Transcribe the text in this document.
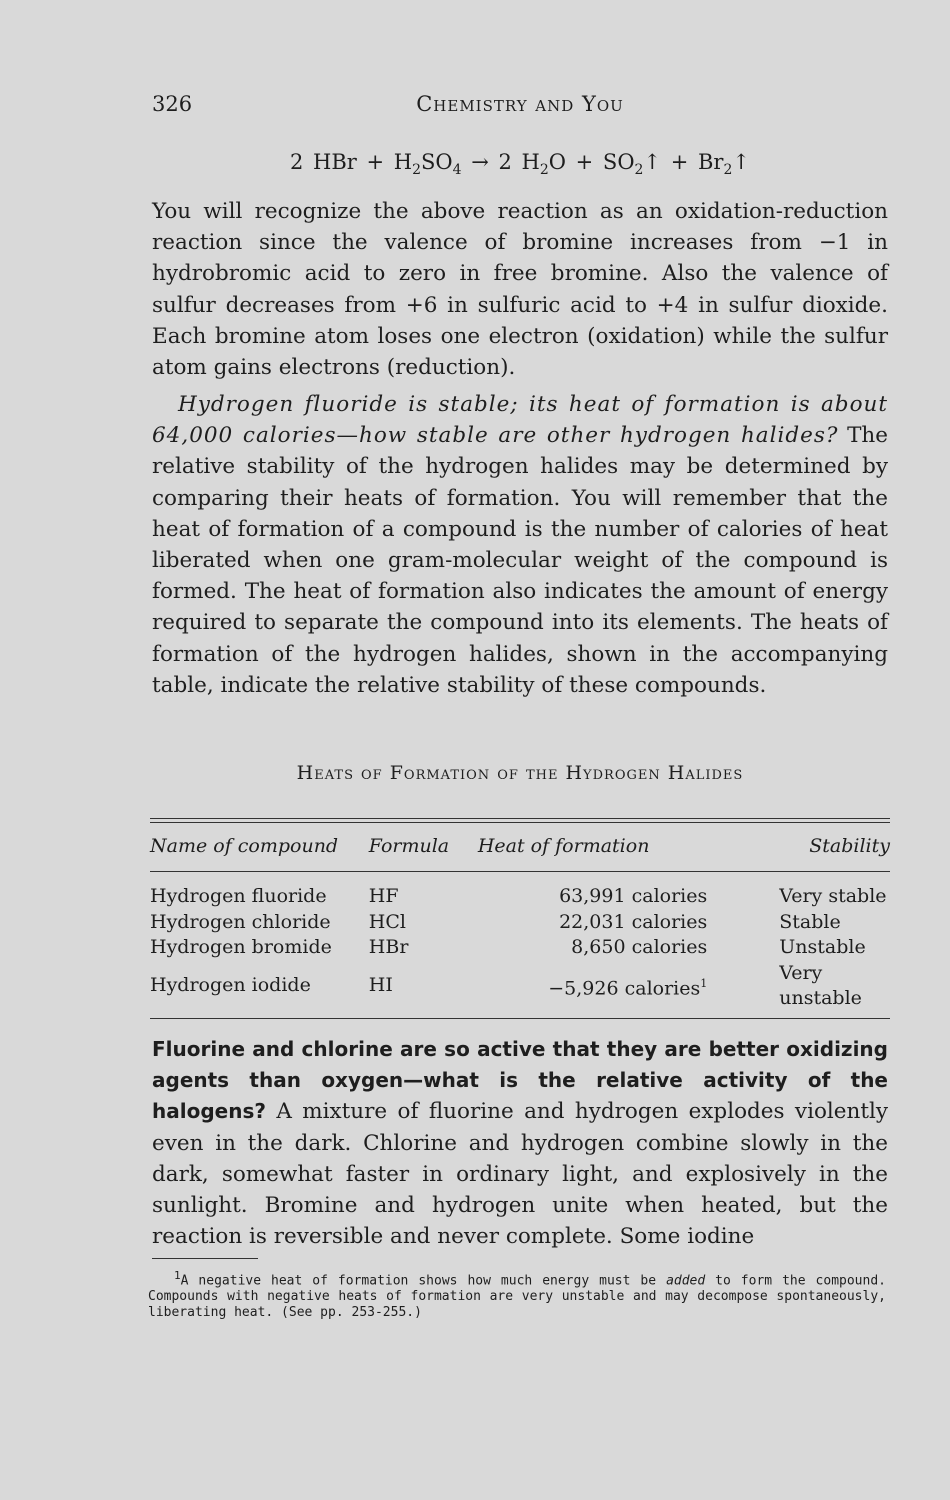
326	Chemistry and You
2 HBr + $H_2SO_4 \to 2$ $H_2O$ + $SO_2↑$ + $Br_2↑$
You will recognize the above reaction as an oxidation-reduction reaction since the valence of bromine increases from −1 in hydrobromic acid to zero in free bromine. Also the valence of sulfur decreases from +6 in sulfuric acid to +4 in sulfur dioxide. Each bromine atom loses one electron (oxidation) while the sulfur atom gains electrons (reduction).
Hydrogen fluoride is stable; its heat of formation is about 64,000 calories—how stable are other hydrogen halides? The relative stability of the hydrogen halides may be determined by comparing their heats of formation. You will remember that the heat of formation of a compound is the number of calories of heat liberated when one gram-molecular weight of the compound is formed. The heat of formation also indicates the amount of energy required to separate the compound into its elements. The heats of formation of the hydrogen halides, shown in the accompanying table, indicate the relative stability of these compounds.
Heats of Formation of the Hydrogen Halides
Name of compound	Formula	Heat of formation	Stability

Hydrogen fluoride	HF	63,991 calories	Very stable
Hydrogen chloride	HCl	22,031 calories	Stable
Hydrogen bromide	HBr	8,650 calories	Unstable
Hydrogen iodide	HI	−5,926 calories$^1$	Very unstable
Fluorine and chlorine are so active that they are better oxidizing agents than oxygen—what is the relative activity of the halogens? A mixture of fluorine and hydrogen explodes violently even in the dark. Chlorine and hydrogen combine slowly in the dark, somewhat faster in ordinary light, and explosively in the sunlight. Bromine and hydrogen unite when heated, but the reaction is reversible and never complete. Some iodine
$^1$A negative heat of formation shows how much energy must be added to form the compound. Compounds with negative heats of formation are very unstable and may decompose spontaneously, liberating heat. (See pp. 253-255.)
